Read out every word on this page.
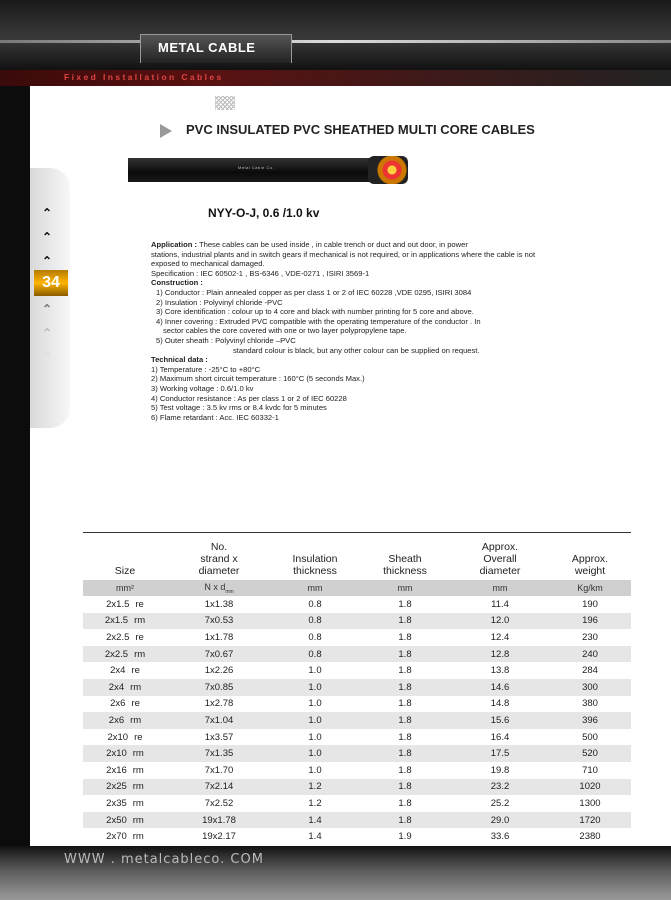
METAL CABLE
Fixed Installation Cables
⌃
⌃
⌃
34
⌃
⌃
⌃
PVC INSULATED PVC SHEATHED MULTI CORE CABLES
Metal Cable Co.
NYY-O-J, 0.6 /1.0 kv

Application : These cables can be used inside , in cable trench or duct and out door, in power

stations, industrial plants and in switch gears if mechanical is not required, or in applications where the cable is not

exposed to mechanical damaged.

Specification : IEC 60502-1 , BS-6346 , VDE-0271 , ISIRI 3569-1

Construction :

1) Conductor : Plain annealed copper as per class 1 or 2 of IEC 60228 ,VDE 0295, ISIRI 3084

2) Insulation : Polyvinyl chloride -PVC

3) Core identification : colour up to 4 core and black with number printing for 5 core and above.

4) Inner covering : Extruded PVC compatible with the operating temperature of the conductor . In

sector cables the core covered with one or two layer polypropylene tape.

5) Outer sheath : Polyvinyl chloride –PVC

standard colour is black, but any other colour can be supplied on request.

Technical data :

1) Temperature : -25°C to +80°C

2) Maximum short circuit temperature : 160°C (5 seconds Max.)

3) Working voltage : 0.6/1.0 kv

4) Conductor resistance : As per class 1 or 2 of IEC 60228

5) Test voltage : 3.5 kv rms or 8.4 kvdc for 5 minutes

6) Flame retardant : Acc. IEC 60332-1

Size	No.
strand x
diameter	Insulation
thickness	Sheath
thickness	Approx.
Overall
diameter	Approx.
weight
mm²	N x $d_{mm}$	mm	mm	mm	Kg/km
2x1.5 re	1x1.38	0.8	1.8	11.4	190
2x1.5 rm	7x0.53	0.8	1.8	12.0	196
2x2.5 re	1x1.78	0.8	1.8	12.4	230
2x2.5 rm	7x0.67	0.8	1.8	12.8	240
2x4 re	1x2.26	1.0	1.8	13.8	284
2x4 rm	7x0.85	1.0	1.8	14.6	300
2x6 re	1x2.78	1.0	1.8	14.8	380
2x6 rm	7x1.04	1.0	1.8	15.6	396
2x10 re	1x3.57	1.0	1.8	16.4	500
2x10 rm	7x1.35	1.0	1.8	17.5	520
2x16 rm	7x1.70	1.0	1.8	19.8	710
2x25 rm	7x2.14	1.2	1.8	23.2	1020
2x35 rm	7x2.52	1.2	1.8	25.2	1300
2x50 rm	19x1.78	1.4	1.8	29.0	1720
2x70 rm	19x2.17	1.4	1.9	33.6	2380
WWW . metalcableco. COM
